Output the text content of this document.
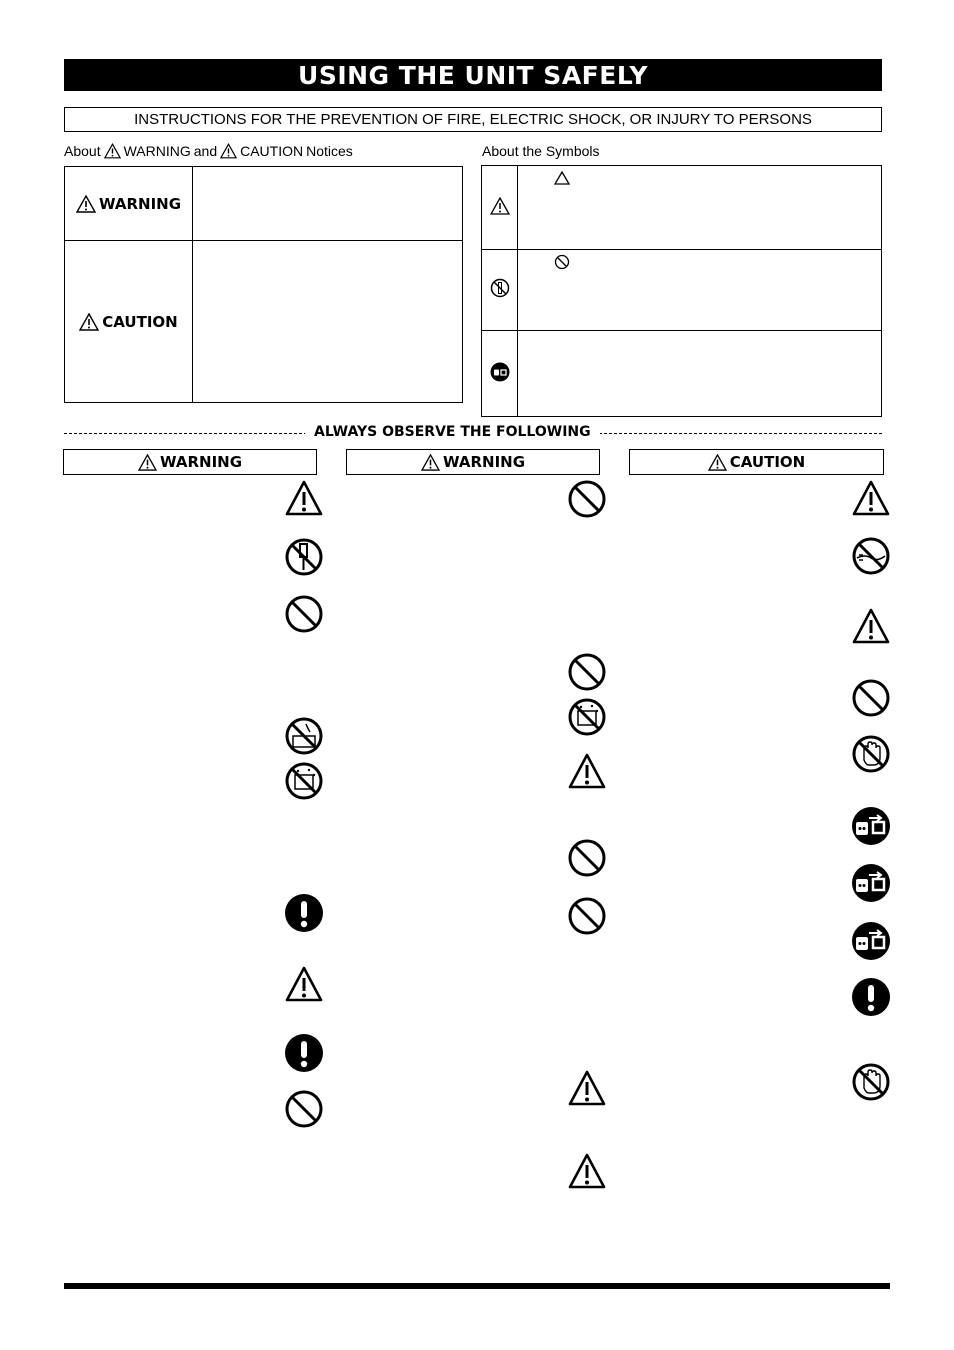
USING THE UNIT SAFELY
INSTRUCTIONS FOR THE PREVENTION OF FIRE, ELECTRIC SHOCK, OR INJURY TO PERSONS
About WARNING and CAUTION Notices
WARNING	

CAUTION	

About the Symbols

ALWAYS OBSERVE THE FOLLOWING
WARNING	WARNING	CAUTION
